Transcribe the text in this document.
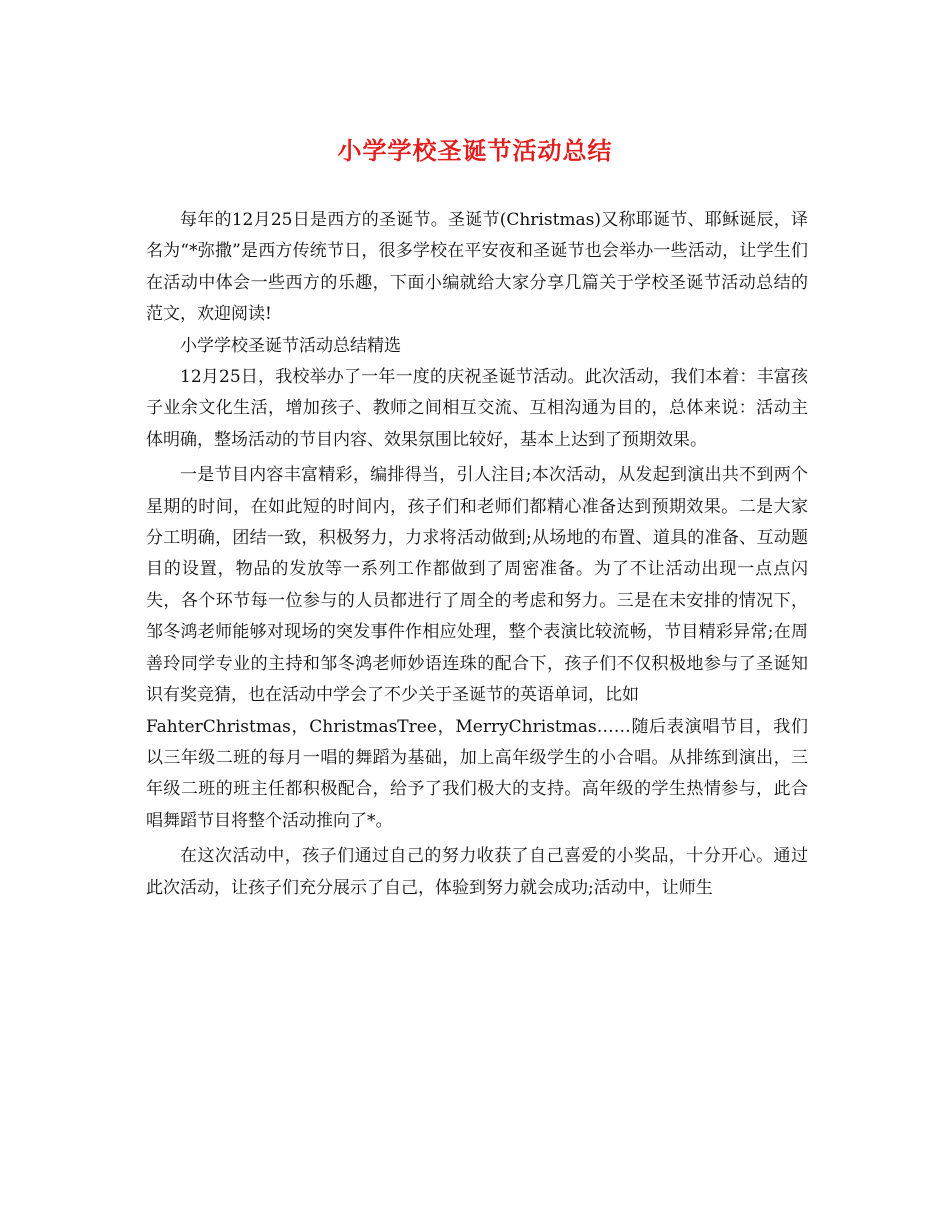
小学学校圣诞节活动总结

每年的12月25日是西方的圣诞节。圣诞节(Christmas)又称耶诞节、耶稣诞辰，译名为“*弥撒”是西方传统节日，很多学校在平安夜和圣诞节也会举办一些活动，让学生们在活动中体会一些西方的乐趣，下面小编就给大家分享几篇关于学校圣诞节活动总结的范文，欢迎阅读!

小学学校圣诞节活动总结精选

12月25日，我校举办了一年一度的庆祝圣诞节活动。此次活动，我们本着：丰富孩子业余文化生活，增加孩子、教师之间相互交流、互相沟通为目的，总体来说：活动主体明确，整场活动的节目内容、效果氛围比较好，基本上达到了预期效果。

一是节目内容丰富精彩，编排得当，引人注目;本次活动，从发起到演出共不到两个星期的时间，在如此短的时间内，孩子们和老师们都精心准备达到预期效果。二是大家分工明确，团结一致，积极努力，力求将活动做到;从场地的布置、道具的准备、互动题目的设置，物品的发放等一系列工作都做到了周密准备。为了不让活动出现一点点闪失，各个环节每一位参与的人员都进行了周全的考虑和努力。三是在未安排的情况下，邹冬鸿老师能够对现场的突发事件作相应处理，整个表演比较流畅，节目精彩异常;在周善玲同学专业的主持和邹冬鸿老师妙语连珠的配合下，孩子们不仅积极地参与了圣诞知识有奖竞猜，也在活动中学会了不少关于圣诞节的英语单词，比如

FahterChristmas，ChristmasTree，MerryChristmas……随后表演唱节目，我们以三年级二班的每月一唱的舞蹈为基础，加上高年级学生的小合唱。从排练到演出，三年级二班的班主任都积极配合，给予了我们极大的支持。高年级的学生热情参与，此合唱舞蹈节目将整个活动推向了*。

在这次活动中，孩子们通过自己的努力收获了自己喜爱的小奖品，十分开心。通过此次活动，让孩子们充分展示了自己，体验到努力就会成功;活动中，让师生
